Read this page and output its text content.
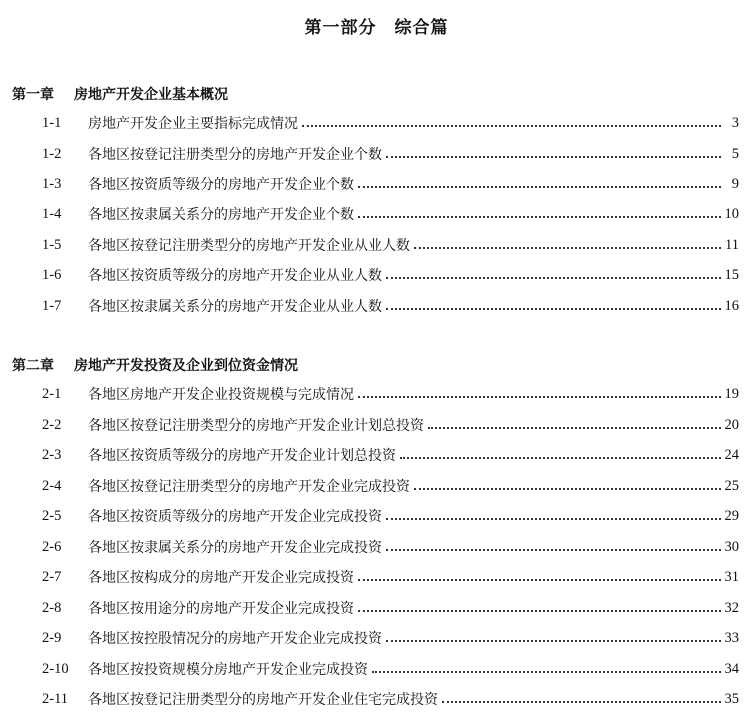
第一部分　综合篇
第一章 房地产开发企业基本概况
1-1	房地产开发企业主要指标完成情况	3
1-2	各地区按登记注册类型分的房地产开发企业个数	5
1-3	各地区按资质等级分的房地产开发企业个数	9
1-4	各地区按隶属关系分的房地产开发企业个数	10
1-5	各地区按登记注册类型分的房地产开发企业从业人数	11
1-6	各地区按资质等级分的房地产开发企业从业人数	15
1-7	各地区按隶属关系分的房地产开发企业从业人数	16
第二章 房地产开发投资及企业到位资金情况
2-1	各地区房地产开发企业投资规模与完成情况	19
2-2	各地区按登记注册类型分的房地产开发企业计划总投资	20
2-3	各地区按资质等级分的房地产开发企业计划总投资	24
2-4	各地区按登记注册类型分的房地产开发企业完成投资	25
2-5	各地区按资质等级分的房地产开发企业完成投资	29
2-6	各地区按隶属关系分的房地产开发企业完成投资	30
2-7	各地区按构成分的房地产开发企业完成投资	31
2-8	各地区按用途分的房地产开发企业完成投资	32
2-9	各地区按控股情况分的房地产开发企业完成投资	33
2-10	各地区按投资规模分房地产开发企业完成投资	34
2-11	各地区按登记注册类型分的房地产开发企业住宅完成投资	35
